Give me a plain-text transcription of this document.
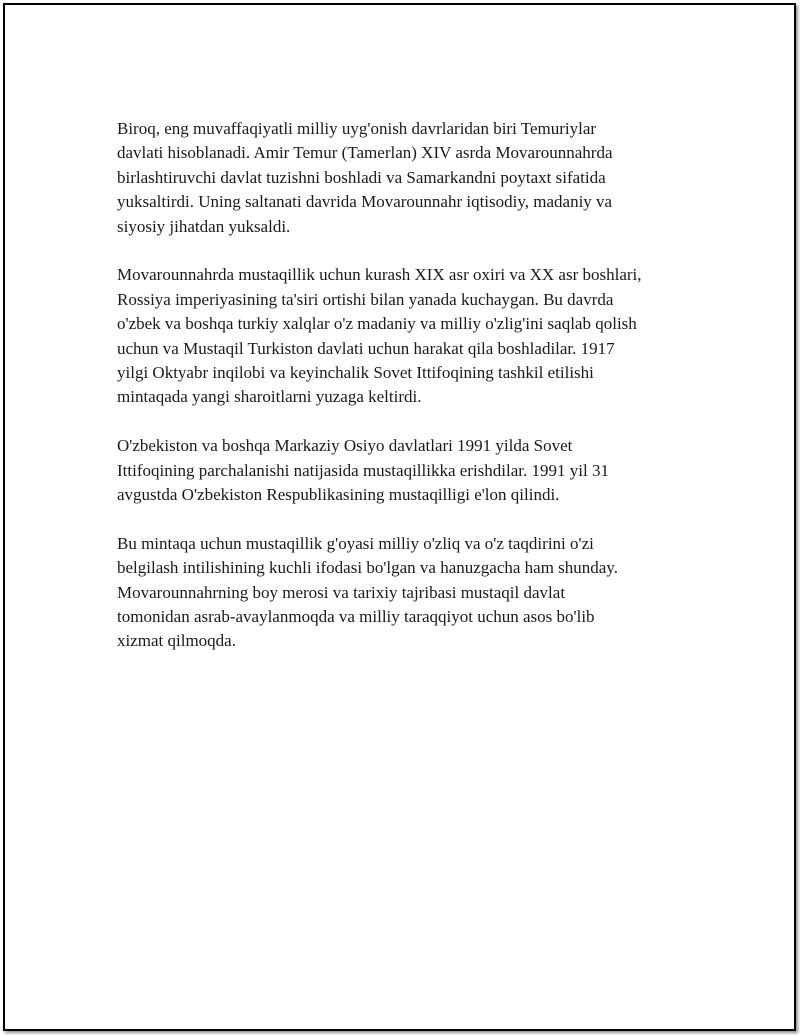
Biroq, eng muvaffaqiyatli milliy uyg'onish davrlaridan biri Temuriylar
davlati hisoblanadi. Amir Temur (Tamerlan) XIV asrda Movarounnahrda
birlashtiruvchi davlat tuzishni boshladi va Samarkandni poytaxt sifatida
yuksaltirdi. Uning saltanati davrida Movarounnahr iqtisodiy, madaniy va
siyosiy jihatdan yuksaldi.

Movarounnahrda mustaqillik uchun kurash XIX asr oxiri va XX asr boshlari,
Rossiya imperiyasining ta'siri ortishi bilan yanada kuchaygan. Bu davrda
o'zbek va boshqa turkiy xalqlar o'z madaniy va milliy o'zlig'ini saqlab qolish
uchun va Mustaqil Turkiston davlati uchun harakat qila boshladilar. 1917
yilgi Oktyabr inqilobi va keyinchalik Sovet Ittifoqining tashkil etilishi
mintaqada yangi sharoitlarni yuzaga keltirdi.

O'zbekiston va boshqa Markaziy Osiyo davlatlari 1991 yilda Sovet
Ittifoqining parchalanishi natijasida mustaqillikka erishdilar. 1991 yil 31
avgustda O'zbekiston Respublikasining mustaqilligi e'lon qilindi.

Bu mintaqa uchun mustaqillik g'oyasi milliy o'zliq va o'z taqdirini o'zi
belgilash intilishining kuchli ifodasi bo'lgan va hanuzgacha ham shunday.
Movarounnahrning boy merosi va tarixiy tajribasi mustaqil davlat
tomonidan asrab-avaylanmoqda va milliy taraqqiyot uchun asos bo'lib
xizmat qilmoqda.
